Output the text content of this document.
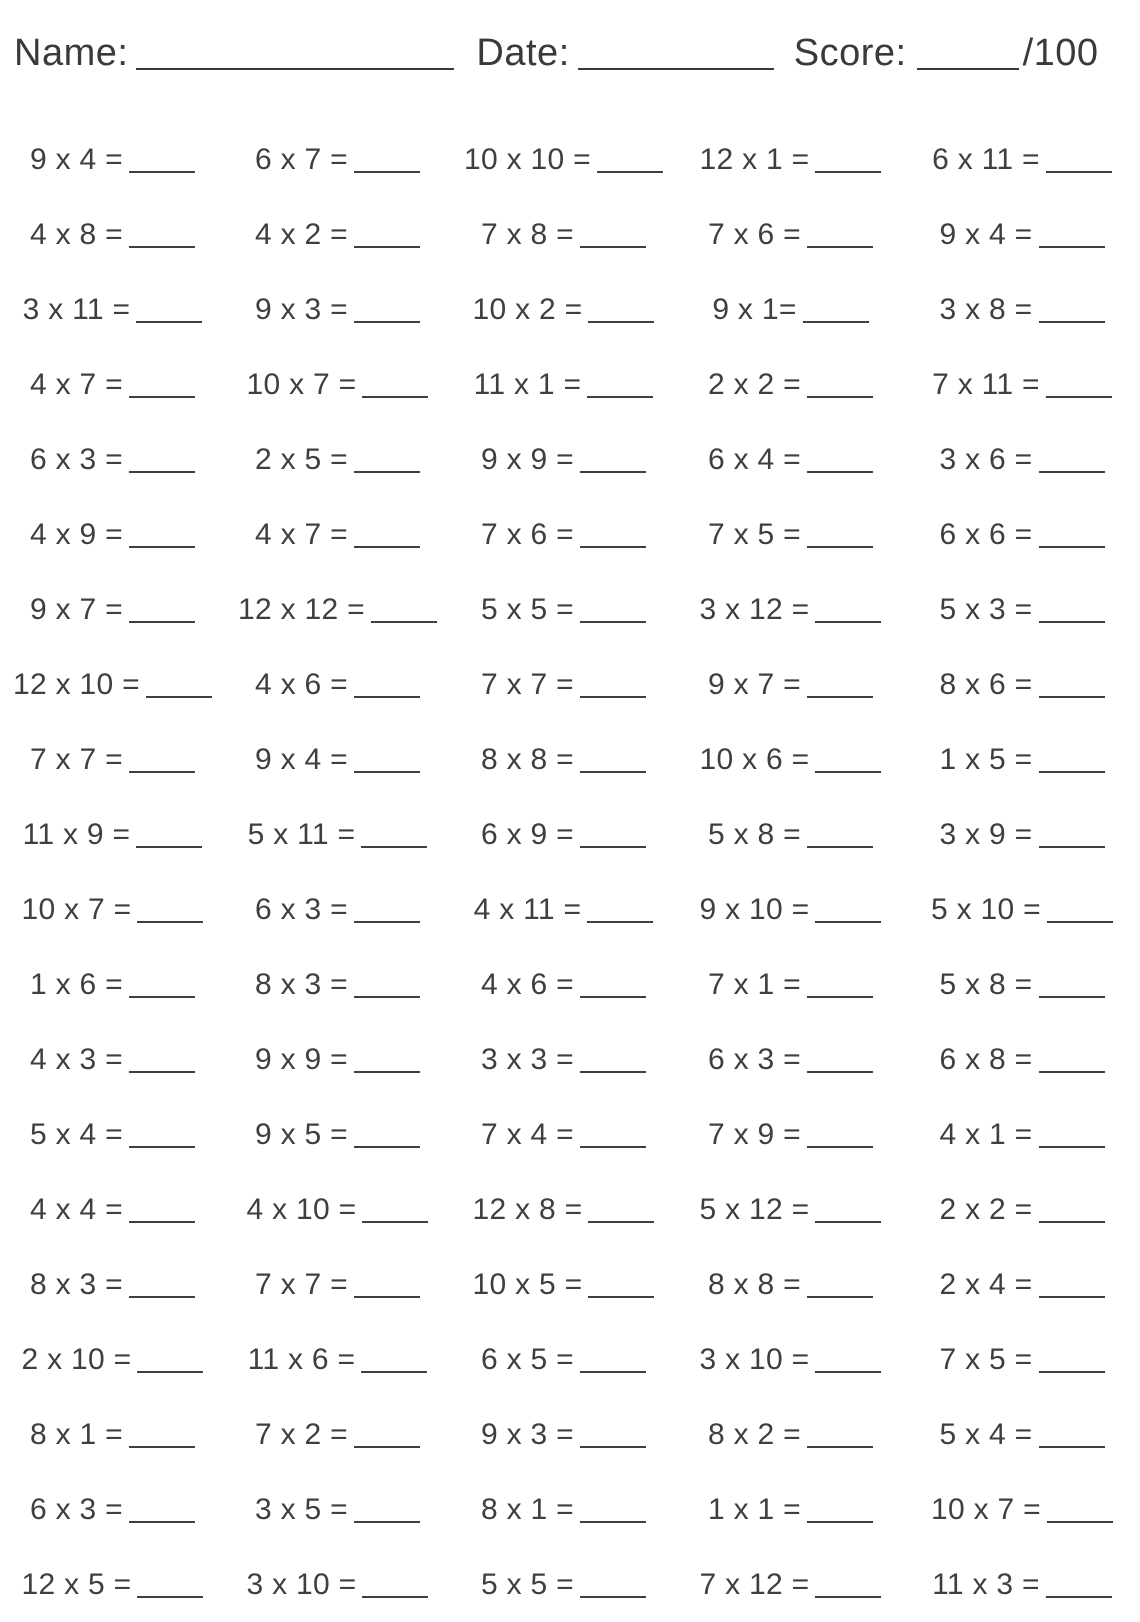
Name:	Date:	Score:	/100
9 x 4 =	6 x 7 =	10 x 10 =	12 x 1 =	6 x 11 =
4 x 8 =	4 x 2 =	7 x 8 =	7 x 6 =	9 x 4 =
3 x 11 =	9 x 3 =	10 x 2 =	9 x 1=	3 x 8 =
4 x 7 =	10 x 7 =	11 x 1 =	2 x 2 =	7 x 11 =
6 x 3 =	2 x 5 =	9 x 9 =	6 x 4 =	3 x 6 =
4 x 9 =	4 x 7 =	7 x 6 =	7 x 5 =	6 x 6 =
9 x 7 =	12 x 12 =	5 x 5 =	3 x 12 =	5 x 3 =
12 x 10 =	4 x 6 =	7 x 7 =	9 x 7 =	8 x 6 =
7 x 7 =	9 x 4 =	8 x 8 =	10 x 6 =	1 x 5 =
11 x 9 =	5 x 11 =	6 x 9 =	5 x 8 =	3 x 9 =
10 x 7 =	6 x 3 =	4 x 11 =	9 x 10 =	5 x 10 =
1 x 6 =	8 x 3 =	4 x 6 =	7 x 1 =	5 x 8 =
4 x 3 =	9 x 9 =	3 x 3 =	6 x 3 =	6 x 8 =
5 x 4 =	9 x 5 =	7 x 4 =	7 x 9 =	4 x 1 =
4 x 4 =	4 x 10 =	12 x 8 =	5 x 12 =	2 x 2 =
8 x 3 =	7 x 7 =	10 x 5 =	8 x 8 =	2 x 4 =
2 x 10 =	11 x 6 =	6 x 5 =	3 x 10 =	7 x 5 =
8 x 1 =	7 x 2 =	9 x 3 =	8 x 2 =	5 x 4 =
6 x 3 =	3 x 5 =	8 x 1 =	1 x 1 =	10 x 7 =
12 x 5 =	3 x 10 =	5 x 5 =	7 x 12 =	11 x 3 =
